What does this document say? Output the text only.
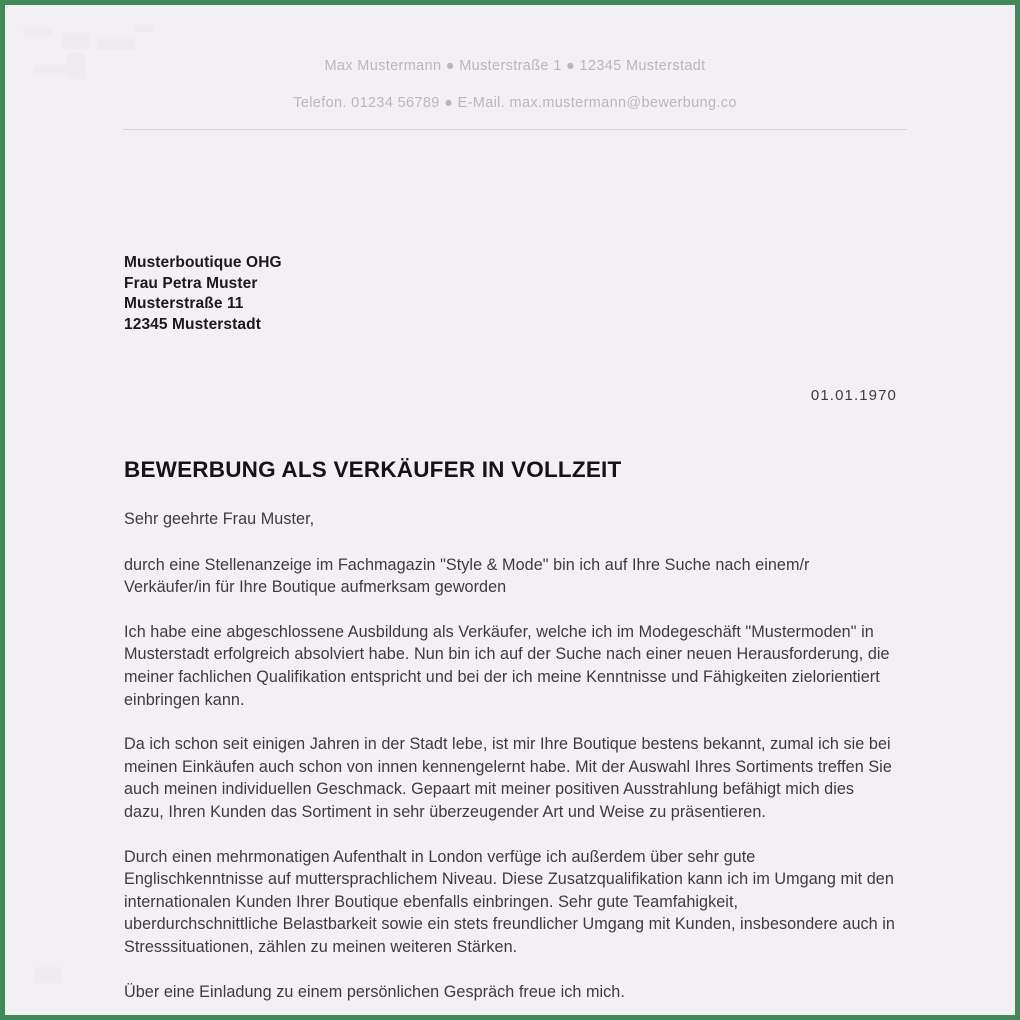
Max Mustermann ● Musterstraße 1 ● 12345 Musterstadt
Telefon. 01234 56789 ● E-Mail. max.mustermann@bewerbung.co
Musterboutique OHG
Frau Petra Muster
Musterstraße 11
12345 Musterstadt
01.01.1970
BEWERBUNG ALS VERKÄUFER IN VOLLZEIT

Sehr geehrte Frau Muster,

durch eine Stellenanzeige im Fachmagazin "Style & Mode" bin ich auf Ihre Suche nach einem/r Verkäufer/in für Ihre Boutique aufmerksam geworden

Ich habe eine abgeschlossene Ausbildung als Verkäufer, welche ich im Modegeschäft "Mustermoden" in Musterstadt erfolgreich absolviert habe. Nun bin ich auf der Suche nach einer neuen Herausforderung, die meiner fachlichen Qualifikation entspricht und bei der ich meine Kenntnisse und Fähigkeiten zielorientiert einbringen kann.

Da ich schon seit einigen Jahren in der Stadt lebe, ist mir Ihre Boutique bestens bekannt, zumal ich sie bei meinen Einkäufen auch schon von innen kennengelernt habe. Mit der Auswahl Ihres Sortiments treffen Sie auch meinen individuellen Geschmack. Gepaart mit meiner positiven Ausstrahlung befähigt mich dies dazu, Ihren Kunden das Sortiment in sehr überzeugender Art und Weise zu präsentieren.

Durch einen mehrmonatigen Aufenthalt in London verfüge ich außerdem über sehr gute Englischkenntnisse auf muttersprachlichem Niveau. Diese Zusatzqualifikation kann ich im Umgang mit den internationalen Kunden Ihrer Boutique ebenfalls einbringen. Sehr gute Teamfahigkeit, uberdurchschnittliche Belastbarkeit sowie ein stets freundlicher Umgang mit Kunden, insbesondere auch in Stresssituationen, zählen zu meinen weiteren Stärken.

Über eine Einladung zu einem persönlichen Gespräch freue ich mich.
